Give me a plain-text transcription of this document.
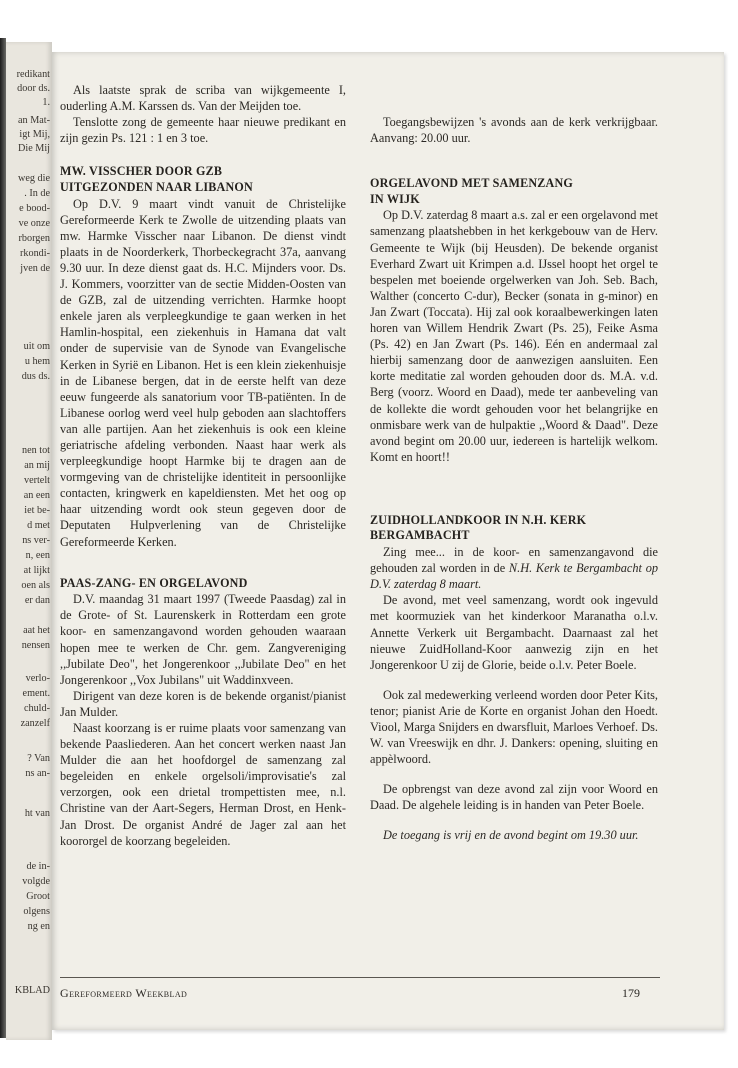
redikant
door ds.
1.
an Mat-
igt Mij,
Die Mij
weg die
. In de
e bood-
ve onze
rborgen
rkondi-
jven de
uit om
u hem
dus ds.
nen tot
an mij
vertelt
an een
iet be-
d met
ns ver-
n, een
at lijkt
oen als
er dan
aat het
nensen
verlo-
ement.
chuld-
zanzelf
? Van
ns an-
ht van
de in-
volgde
Groot
olgens
ng en
KBLAD

Als laatste sprak de scriba van wijkgemeente I, ouderling A.M. Karssen ds. Van der Meijden toe.

Tenslotte zong de gemeente haar nieuwe predikant en zijn gezin Ps. 121 : 1 en 3 toe.

MW. VISSCHER DOOR GZB
UITGEZONDEN NAAR LIBANON

Op D.V. 9 maart vindt vanuit de Christelijke Gereformeerde Kerk te Zwolle de uitzending plaats van mw. Harmke Visscher naar Libanon. De dienst vindt plaats in de Noorderkerk, Thorbeckegracht 37a, aanvang 9.30 uur. In deze dienst gaat ds. H.C. Mijnders voor. Ds. J. Kommers, voorzitter van de sectie Midden-Oosten van de GZB, zal de uitzending verrichten. Harmke hoopt enkele jaren als verpleegkundige te gaan werken in het Hamlin-hospital, een ziekenhuis in Hamana dat valt onder de supervisie van de Synode van Evangelische Kerken in Syrië en Libanon. Het is een klein ziekenhuisje in de Libanese bergen, dat in de eerste helft van deze eeuw fungeerde als sanatorium voor TB-patiënten. In de Libanese oorlog werd veel hulp geboden aan slachtoffers van alle partijen. Aan het ziekenhuis is ook een kleine geriatrische afdeling verbonden. Naast haar werk als verpleegkundige hoopt Harmke bij te dragen aan de vormgeving van de christelijke identiteit in persoonlijke contacten, kringwerk en kapeldiensten. Met het oog op haar uitzending wordt ook steun gegeven door de Deputaten Hulpverlening van de Christelijke Gereformeerde Kerken.

PAAS-ZANG- EN ORGELAVOND

D.V. maandag 31 maart 1997 (Tweede Paasdag) zal in de Grote- of St. Laurenskerk in Rotterdam een grote koor- en samenzangavond worden gehouden waaraan hopen mee te werken de Chr. gem. Zangvereniging ,,Jubilate Deo", het Jongerenkoor ,,Jubilate Deo" en het Jongerenkoor ,,Vox Jubilans" uit Waddinxveen.

Dirigent van deze koren is de bekende organist/pianist Jan Mulder.

Naast koorzang is er ruime plaats voor samenzang van bekende Paasliederen. Aan het concert werken naast Jan Mulder die aan het hoofdorgel de samenzang zal begeleiden en enkele orgelsoli/improvisatie's zal verzorgen, ook een drietal trompettisten mee, n.l. Christine van der Aart-Segers, Herman Drost, en Henk-Jan Drost. De organist André de Jager zal aan het koororgel de koorzang begeleiden.

Toegangsbewijzen 's avonds aan de kerk verkrijgbaar. Aanvang: 20.00 uur.

ORGELAVOND MET SAMENZANG
IN WIJK

Op D.V. zaterdag 8 maart a.s. zal er een orgelavond met samenzang plaatshebben in het kerkgebouw van de Herv. Gemeente te Wijk (bij Heusden). De bekende organist Everhard Zwart uit Krimpen a.d. IJssel hoopt het orgel te bespelen met boeiende orgelwerken van Joh. Seb. Bach, Walther (concerto C-dur), Becker (sonata in g-minor) en Jan Zwart (Toccata). Hij zal ook koraalbewerkingen laten horen van Willem Hendrik Zwart (Ps. 25), Feike Asma (Ps. 42) en Jan Zwart (Ps. 146). Eén en andermaal zal hierbij samenzang door de aanwezigen aansluiten. Een korte meditatie zal worden gehouden door ds. M.A. v.d. Berg (voorz. Woord en Daad), mede ter aanbeveling van de kollekte die wordt gehouden voor het belangrijke en onmisbare werk van de hulpaktie ,,Woord & Daad". Deze avond begint om 20.00 uur, iedereen is hartelijk welkom. Komt en hoort!!

ZUIDHOLLANDKOOR IN N.H. KERK
BERGAMBACHT

Zing mee... in de koor- en samenzangavond die gehouden zal worden in de N.H. Kerk te Bergambacht op D.V. zaterdag 8 maart.

De avond, met veel samenzang, wordt ook ingevuld met koormuziek van het kinderkoor Maranatha o.l.v. Annette Verkerk uit Bergambacht. Daarnaast zal het nieuwe ZuidHolland-Koor aanwezig zijn en het Jongerenkoor U zij de Glorie, beide o.l.v. Peter Boele.

Ook zal medewerking verleend worden door Peter Kits, tenor; pianist Arie de Korte en organist Johan den Hoedt. Viool, Marga Snijders en dwarsfluit, Marloes Verhoef. Ds. W. van Vreeswijk en dhr. J. Dankers: opening, sluiting en appèlwoord.

De opbrengst van deze avond zal zijn voor Woord en Daad. De algehele leiding is in handen van Peter Boele.

De toegang is vrij en de avond begint om 19.30 uur.

Gereformeerd Weekblad	179
